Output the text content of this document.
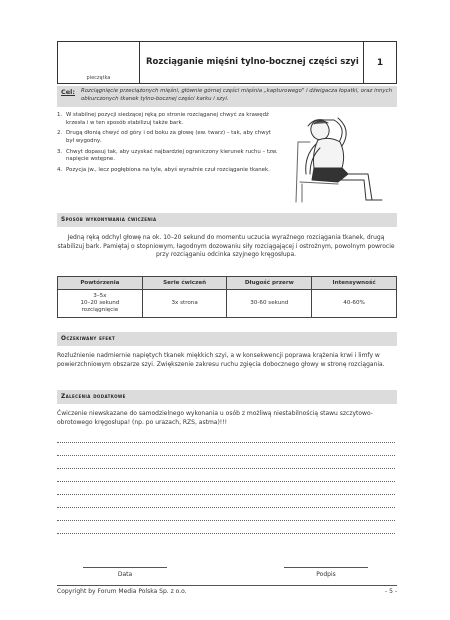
pieczątka
Rozciąganie mięśni tylno-bocznej części szyi	1
Cel: Rozciągnięcie przeciążonych mięśni, głównie górnej części mięśnia „kapturowego" i dźwigacza łopatki, oraz innych obkurczonych tkanek tylno-bocznej części karku i szyi.
1. W stabilnej pozycji siedzącej ręką po stronie rozciąganej chwyć za krawędź krzesła i w ten sposób stabilizuj także bark.
2. Drugą dłonią chwyć od góry i od boku za głowę (ew. twarz) – tak, aby chwyt był wygodny.
3. Chwyt dopasuj tak, aby uzyskać najbardziej ograniczony kierunek ruchu – tzw. napięcie wstępne.
4. Pozycja jw., lecz pogłębiona na tyle, abyś wyraźnie czuł rozciąganie tkanek.
Sposób wykonywania ćwiczenia
Jedną ręką odchyl głowę na ok. 10–20 sekund do momentu uczucia wyraźnego rozciągania tkanek, drugą stabilizuj bark. Pamiętaj o stopniowym, łagodnym dozowaniu siły rozciągającej i ostrożnym, powolnym powrocie przy rozciąganiu odcinka szyjnego kręgosłupa.
Powtórzenia	Serie ćwiczeń	Długość przerw	Intensywność

3–5x
10–20 sekund
rozciągnięcie	3x strona	30-60 sekund	40-60%
Oczekiwany efekt
Rozluźnienie nadmiernie napiętych tkanek miękkich szyi, a w konsekwencji poprawa krążenia krwi i limfy w powierzchniowym obszarze szyi. Zwiększenie zakresu ruchu zgięcia dobocznego głowy w stronę rozciągania.
Zalecenia dodatkowe
Ćwiczenie niewskazane do samodzielnego wykonania u osób z możliwą niestabilnością stawu szczytowo-obrotowego kręgosłupa! (np. po urazach, RZS, astma)!!!
Data	Podpis
Copyright by Forum Media Polska Sp. z o.o.	- 5 -
